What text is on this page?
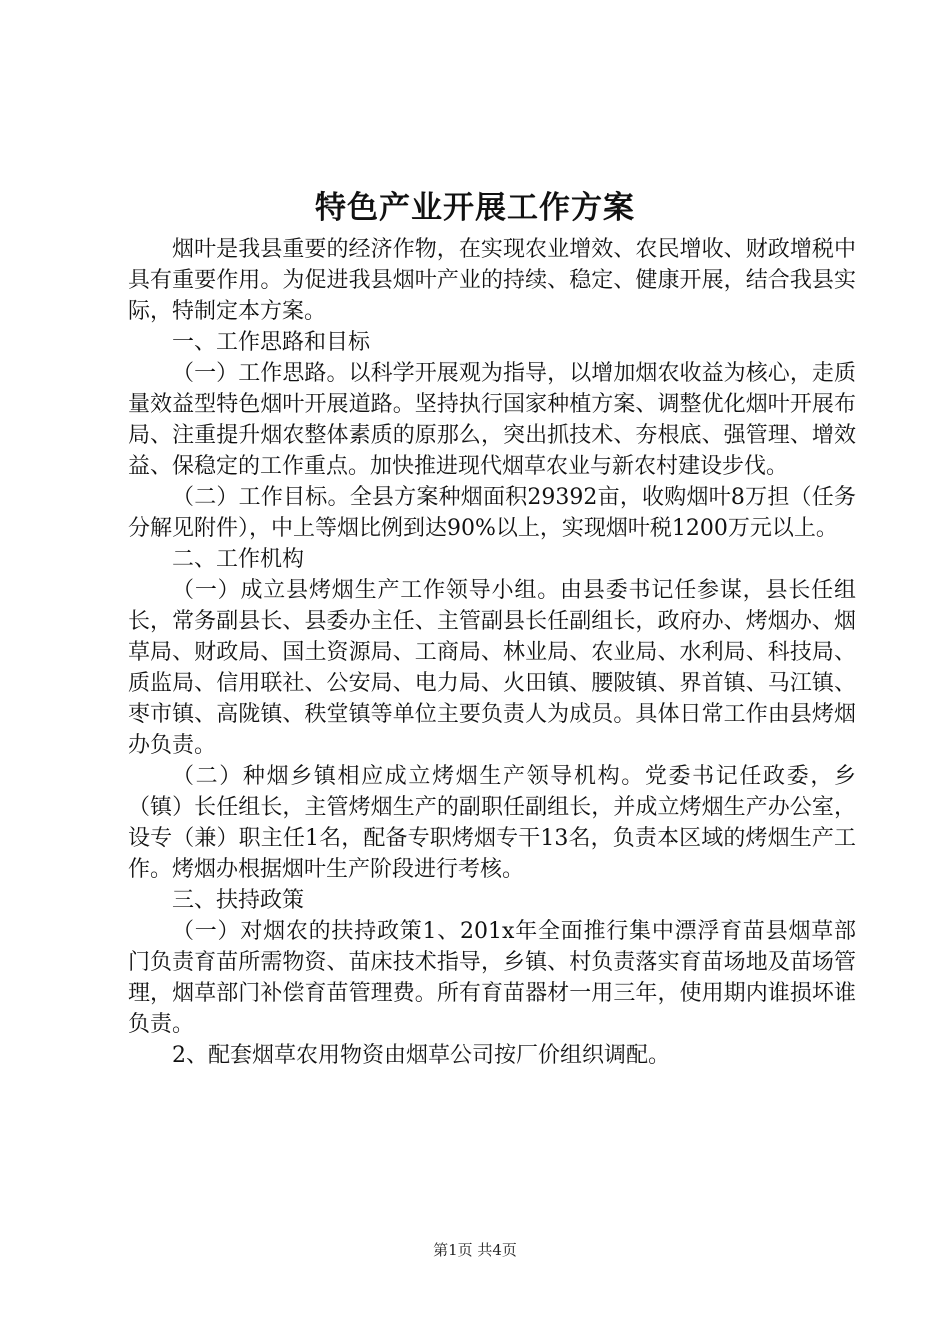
特色产业开展工作方案

烟叶是我县重要的经济作物，在实现农业增效、农民增收、财政增税中具有重要作用。为促进我县烟叶产业的持续、稳定、健康开展，结合我县实际，特制定本方案。

一、工作思路和目标

（一）工作思路。以科学开展观为指导，以增加烟农收益为核心，走质量效益型特色烟叶开展道路。坚持执行国家种植方案、调整优化烟叶开展布局、注重提升烟农整体素质的原那么，突出抓技术、夯根底、强管理、增效益、保稳定的工作重点。加快推进现代烟草农业与新农村建设步伐。

（二）工作目标。全县方案种烟面积29392亩，收购烟叶8万担（任务分解见附件），中上等烟比例到达90%以上，实现烟叶税1200万元以上。

二、工作机构

（一）成立县烤烟生产工作领导小组。由县委书记任参谋，县长任组长，常务副县长、县委办主任、主管副县长任副组长，政府办、烤烟办、烟草局、财政局、国土资源局、工商局、林业局、农业局、水利局、科技局、质监局、信用联社、公安局、电力局、火田镇、腰陂镇、界首镇、马江镇、枣市镇、高陇镇、秩堂镇等单位主要负责人为成员。具体日常工作由县烤烟办负责。

（二）种烟乡镇相应成立烤烟生产领导机构。党委书记任政委，乡（镇）长任组长，主管烤烟生产的副职任副组长，并成立烤烟生产办公室，设专（兼）职主任1名，配备专职烤烟专干13名，负责本区域的烤烟生产工作。烤烟办根据烟叶生产阶段进行考核。

三、扶持政策

（一）对烟农的扶持政策1、201x年全面推行集中漂浮育苗县烟草部门负责育苗所需物资、苗床技术指导，乡镇、村负责落实育苗场地及苗场管理，烟草部门补偿育苗管理费。所有育苗器材一用三年，使用期内谁损坏谁负责。

2、配套烟草农用物资由烟草公司按厂价组织调配。

第1页 共4页
